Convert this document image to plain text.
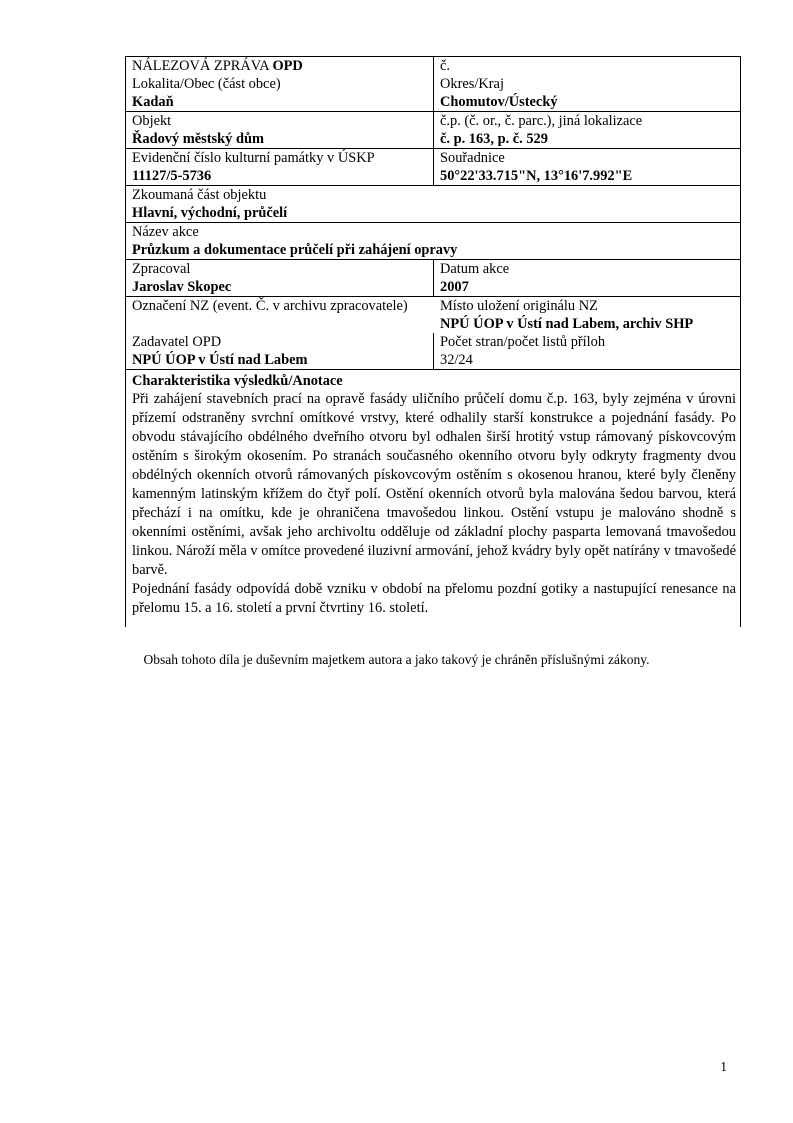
NÁLEZOVÁ ZPRÁVA OPD
Lokalita/Obec (část obce)
Kadaň
č.
Okres/Kraj
Chomutov/Ústecký
Objekt
Řadový městský dům
č.p. (č. or., č. parc.), jiná lokalizace
č. p. 163, p. č. 529
Evidenční číslo kulturní památky v ÚSKP
11127/5-5736
Souřadnice
50°22'33.715"N, 13°16'7.992"E
Zkoumaná část objektu
Hlavní, východní, průčelí
Název akce
Průzkum a dokumentace průčelí při zahájení opravy
Zpracoval
Jaroslav Skopec
Datum akce
2007
Označení NZ (event. Č. v archivu zpracovatele)
	Místo uložení originálu NZ
NPÚ ÚOP v Ústí nad Labem, archiv SHP
Zadavatel OPD
NPÚ ÚOP v Ústí nad Labem
Počet stran/počet listů příloh
32/24
Charakteristika výsledků/Anotace

Při zahájení stavebních prací na opravě fasády uličního průčelí domu č.p. 163, byly zejména v úrovni přízemí odstraněny svrchní omítkové vrstvy, které odhalily starší konstrukce a pojednání fasády. Po obvodu stávajícího obdélného dveřního otvoru byl odhalen širší hrotitý vstup rámovaný pískovcovým ostěním s širokým okosením. Po stranách současného okenního otvoru byly odkryty fragmenty dvou obdélných okenních otvorů rámovaných pískovcovým ostěním s okosenou hranou, které byly členěny kamenným latinským křížem do čtyř polí. Ostění okenních otvorů byla malována šedou barvou, která přechází i na omítku, kde je ohraničena tmavošedou linkou. Ostění vstupu je malováno shodně s okenními ostěními, avšak jeho archivoltu odděluje od základní plochy pasparta lemovaná tmavošedou linkou. Nároží měla v omítce provedené iluzivní armování, jehož kvádry byly opět natírány v tmavošedé barvě.

Pojednání fasády odpovídá době vzniku v období na přelomu pozdní gotiky a nastupující renesance na přelomu 15. a 16. století a první čtvrtiny 16. století.

Obsah tohoto díla je duševním majetkem autora a jako takový je chráněn příslušnými zákony.
1
